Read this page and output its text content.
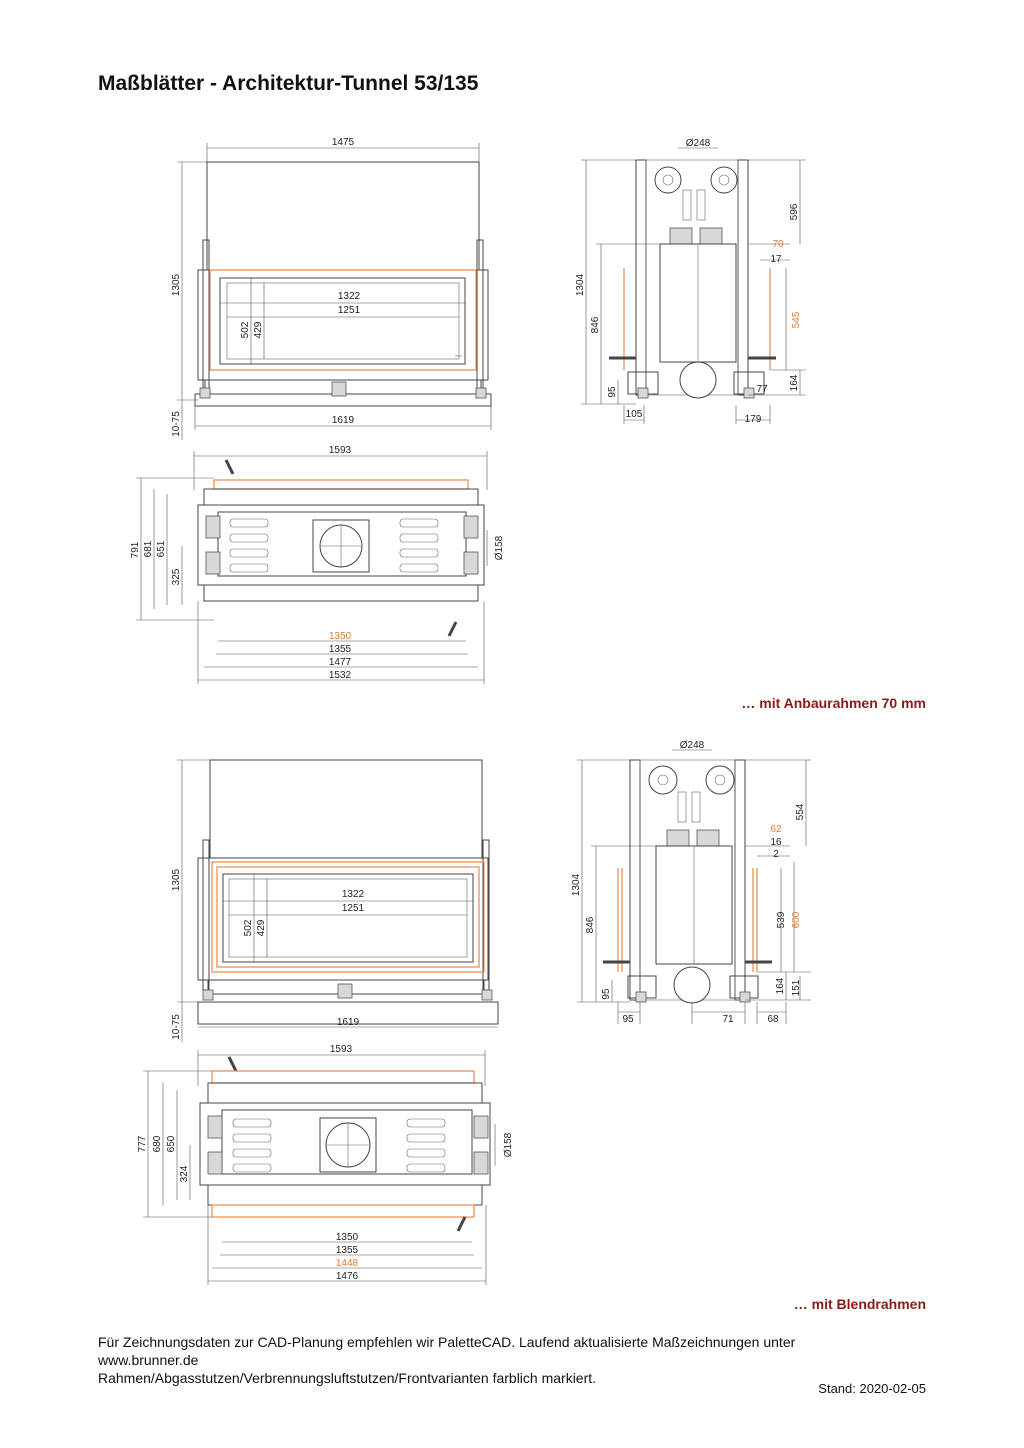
Maßblätter - Architektur-Tunnel 53/135
1475
1322
1251
502 429
1305
10-75	1619
Ø248
596
70
17
545
164
77
1304
846
95
105	179
1593
Ø158
791 681 651
325
1350
1355
1477
1532
1322
1251
502 429
1305
10-75	1619
Ø248
554
62
16
2
539 600
164 151
1304
846
95
95	71	68
1593
Ø158
777 680 650
324
1350
1355
1448
1476
… mit Anbaurahmen 70 mm
… mit Blendrahmen
Für Zeichnungsdaten zur CAD-Planung empfehlen wir PaletteCAD. Laufend aktualisierte Maßzeichnungen unter
www.brunner.de
Rahmen/Abgasstutzen/Verbrennungsluftstutzen/Frontvarianten farblich markiert.
Stand: 2020-02-05
